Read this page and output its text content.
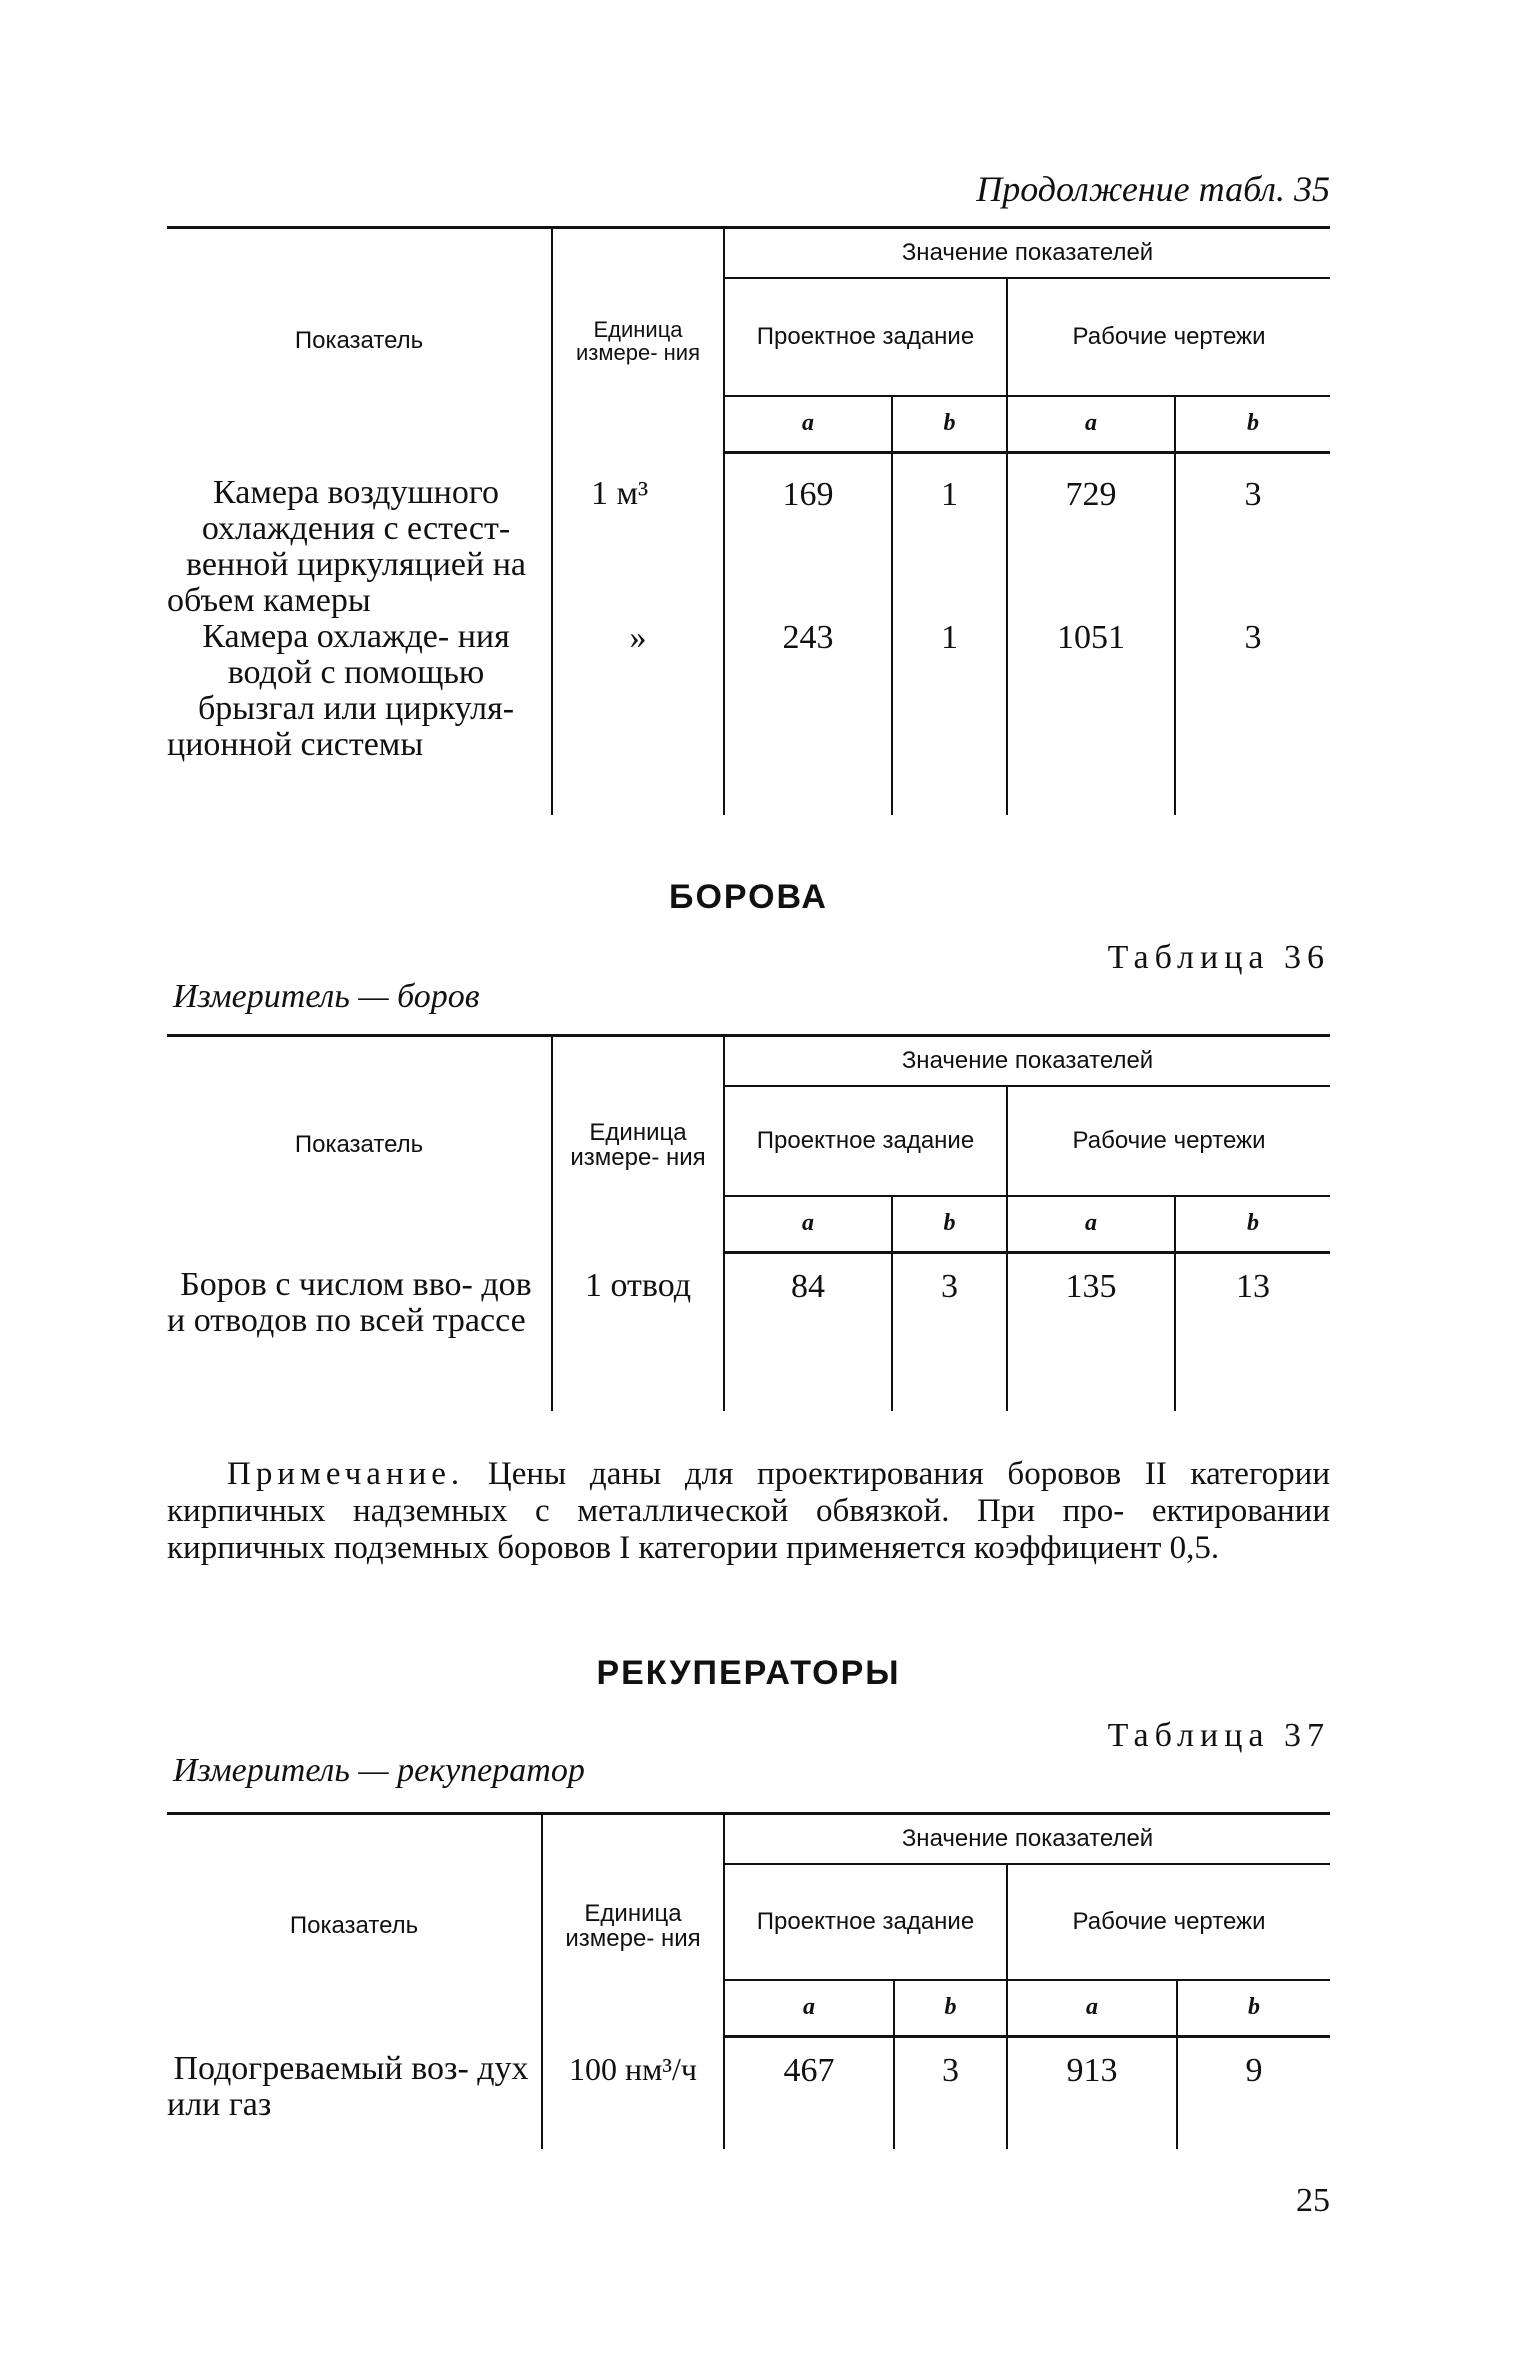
Продолжение табл. 35
Показатель	Единица измере- ния	Значение показателей			
		Проектное задание		Рабочие чертежи	
		a	b	a	b
Камера воздушного охлаждения с естест- венной циркуляцией на объем камеры	1 м³	169	1	729	3
Камера охлажде- ния водой с помощью брызгал или циркуля- ционной системы	»	243	1	1051	3
БОРОВА
Таблица 36
Измеритель — боров
Показатель	Единица измере- ния	Значение показателей			
		Проектное задание		Рабочие чертежи	
		a	b	a	b
Боров с числом вво- дов и отводов по всей трассе	1 отвод	84	3	135	13
Примечание. Цены даны для проектирования боровов II категории кирпичных надземных с металлической обвязкой. При про- ектировании кирпичных подземных боровов I категории применяется коэффициент 0,5.
РЕКУПЕРАТОРЫ
Таблица 37
Измеритель — рекуператор
Показатель	Единица измере- ния	Значение показателей			
		Проектное задание		Рабочие чертежи	
		a	b	a	b
Подогреваемый воз- дух или газ	100 нм³/ч	467	3	913	9
25
